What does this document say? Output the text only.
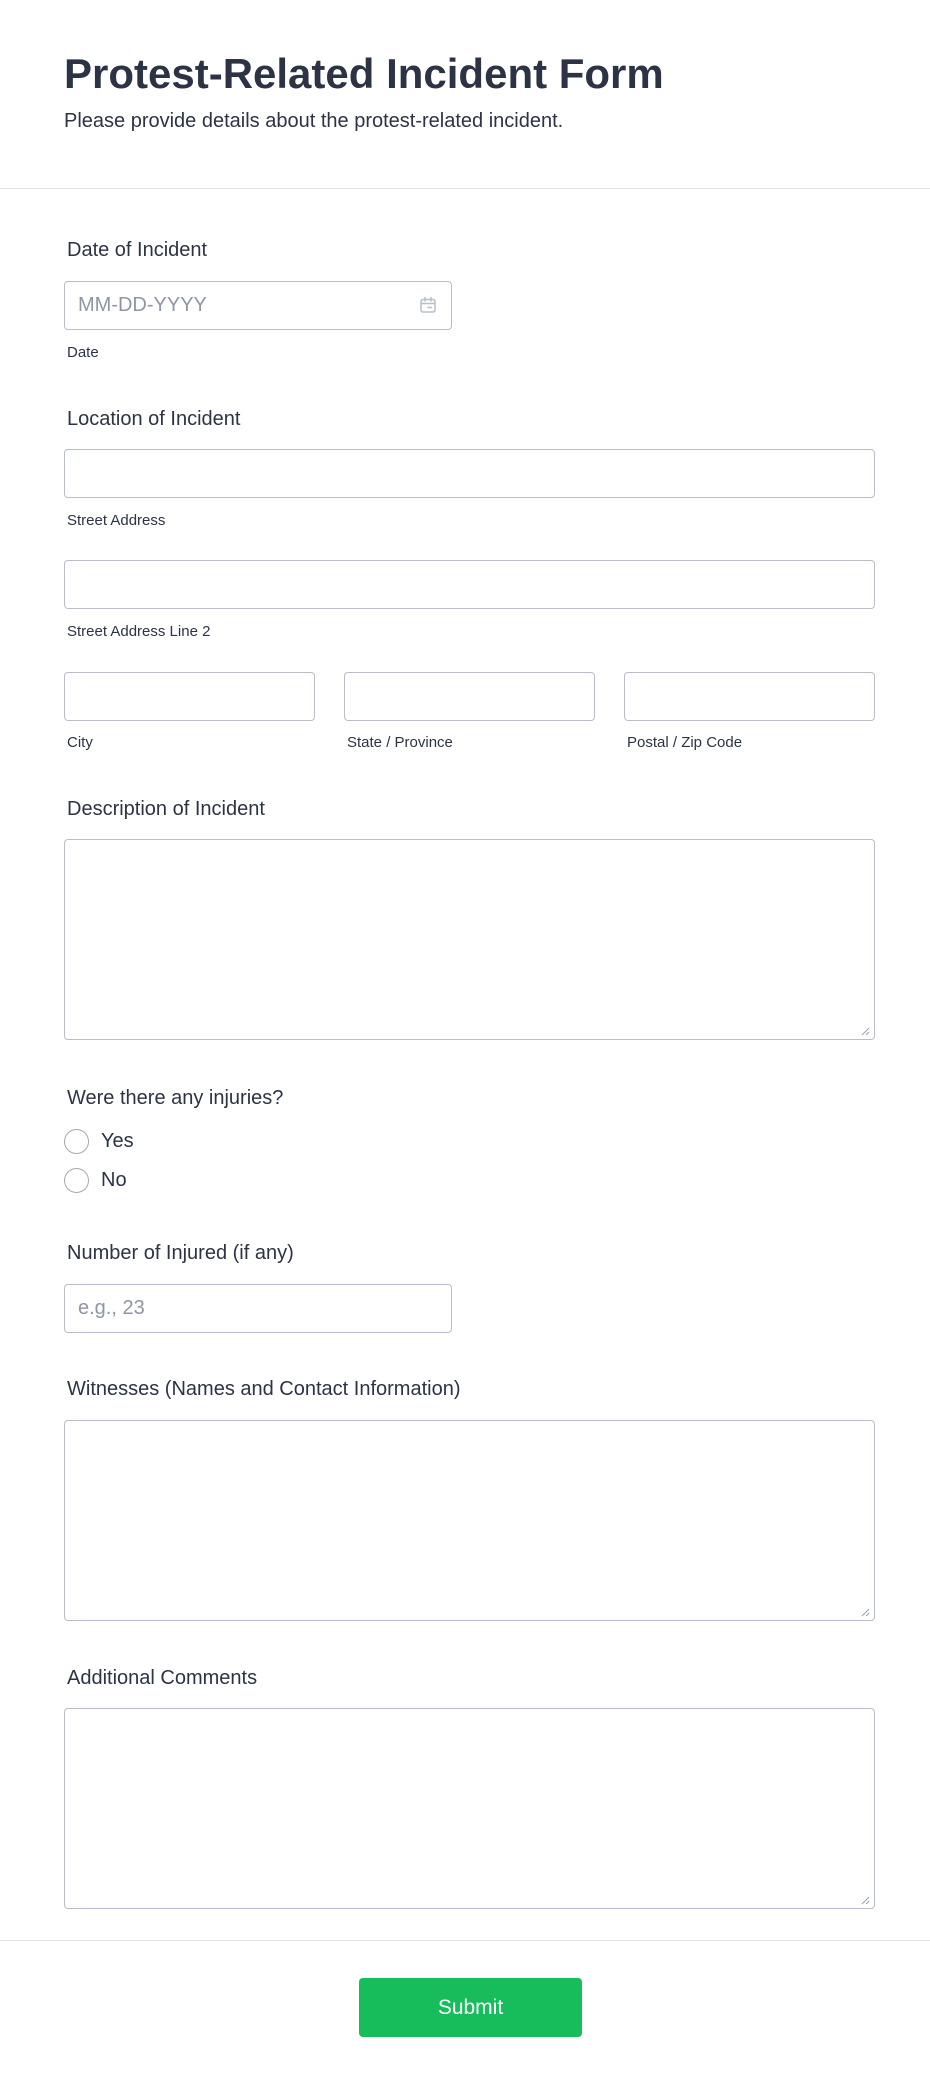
Protest-Related Incident Form

Please provide details about the protest-related incident.

Date of Incident
MM-DD-YYYY
Date
Location of Incident
Street Address
Street Address Line 2
City	State / Province	Postal / Zip Code
Description of Incident
Were there any injuries?
Yes
No
Number of Injured (if any)
e.g., 23
Witnesses (Names and Contact Information)
Additional Comments
Submit
